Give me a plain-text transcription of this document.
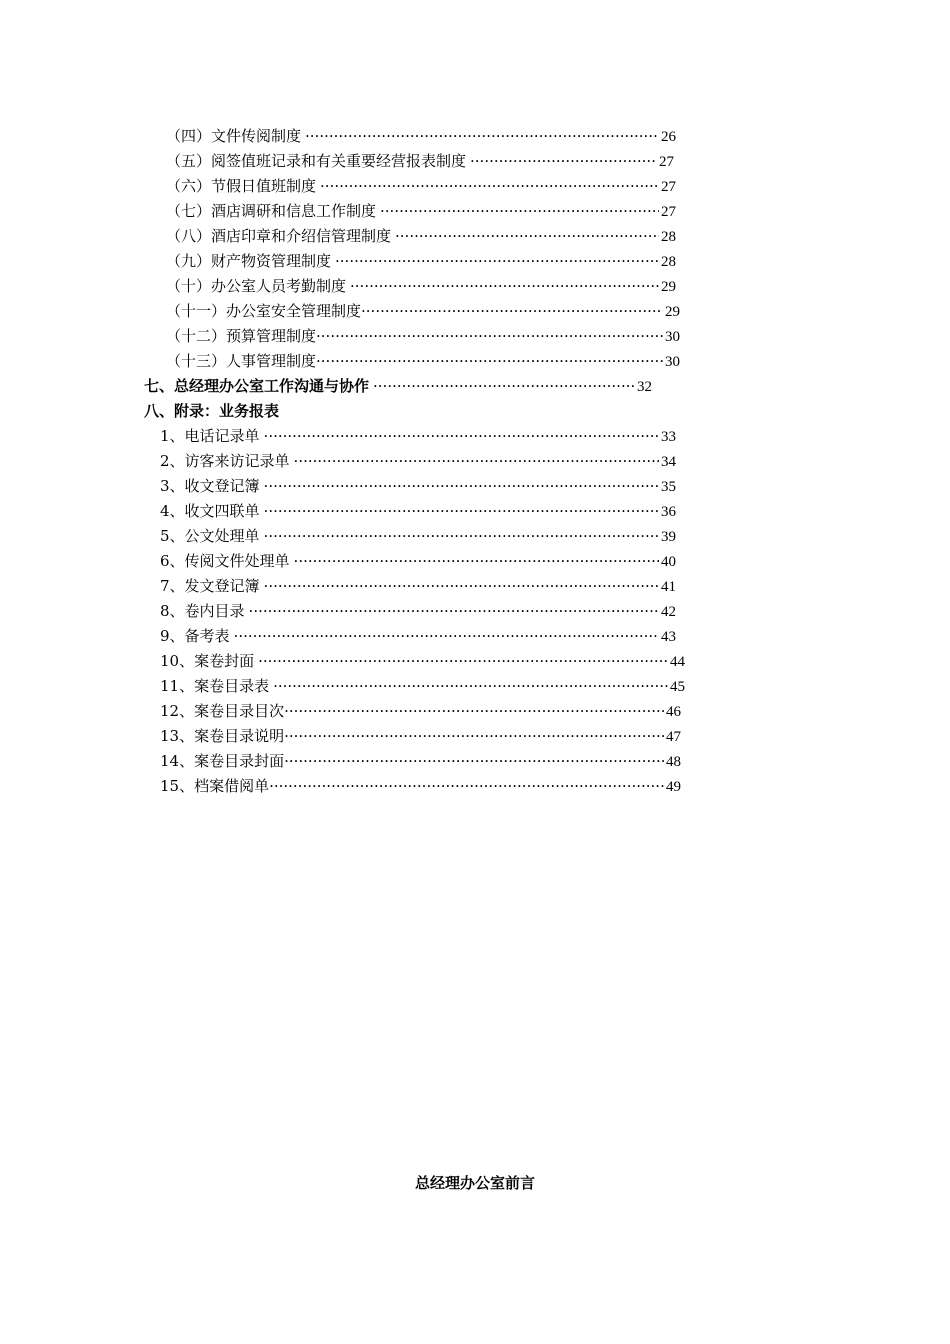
（四）文件传阅制度 ·····	26
（五）阅签值班记录和有关重要经营报表制度 ·····	27
（六）节假日值班制度 ·····	27
（七）酒店调研和信息工作制度 ·····	27
（八）酒店印章和介绍信管理制度 ·····	28
（九）财产物资管理制度 ·····	28
（十）办公室人员考勤制度 ·····	29
（十一）办公室安全管理制度 ·····	29
（十二）预算管理制度 ·····	30
（十三）人事管理制度 ·····	30
七、总经理办公室工作沟通与协作 ·····	32
八、附录：业务报表
1、电话记录单 ·····	33
2、访客来访记录单 ·····	34
3、收文登记簿 ·····	35
4、收文四联单 ·····	36
5、公文处理单 ·····	39
6、传阅文件处理单 ·····	40
7、发文登记簿 ·····	41
8、卷内目录 ·····	42
9、备考表 ·····	43
10、案卷封面 ·····	44
11、案卷目录表 ·····	45
12、案卷目录目次 ·····	46
13、案卷目录说明 ·····	47
14、案卷目录封面 ·····	48
15、档案借阅单 ·····	49
总经理办公室前言
